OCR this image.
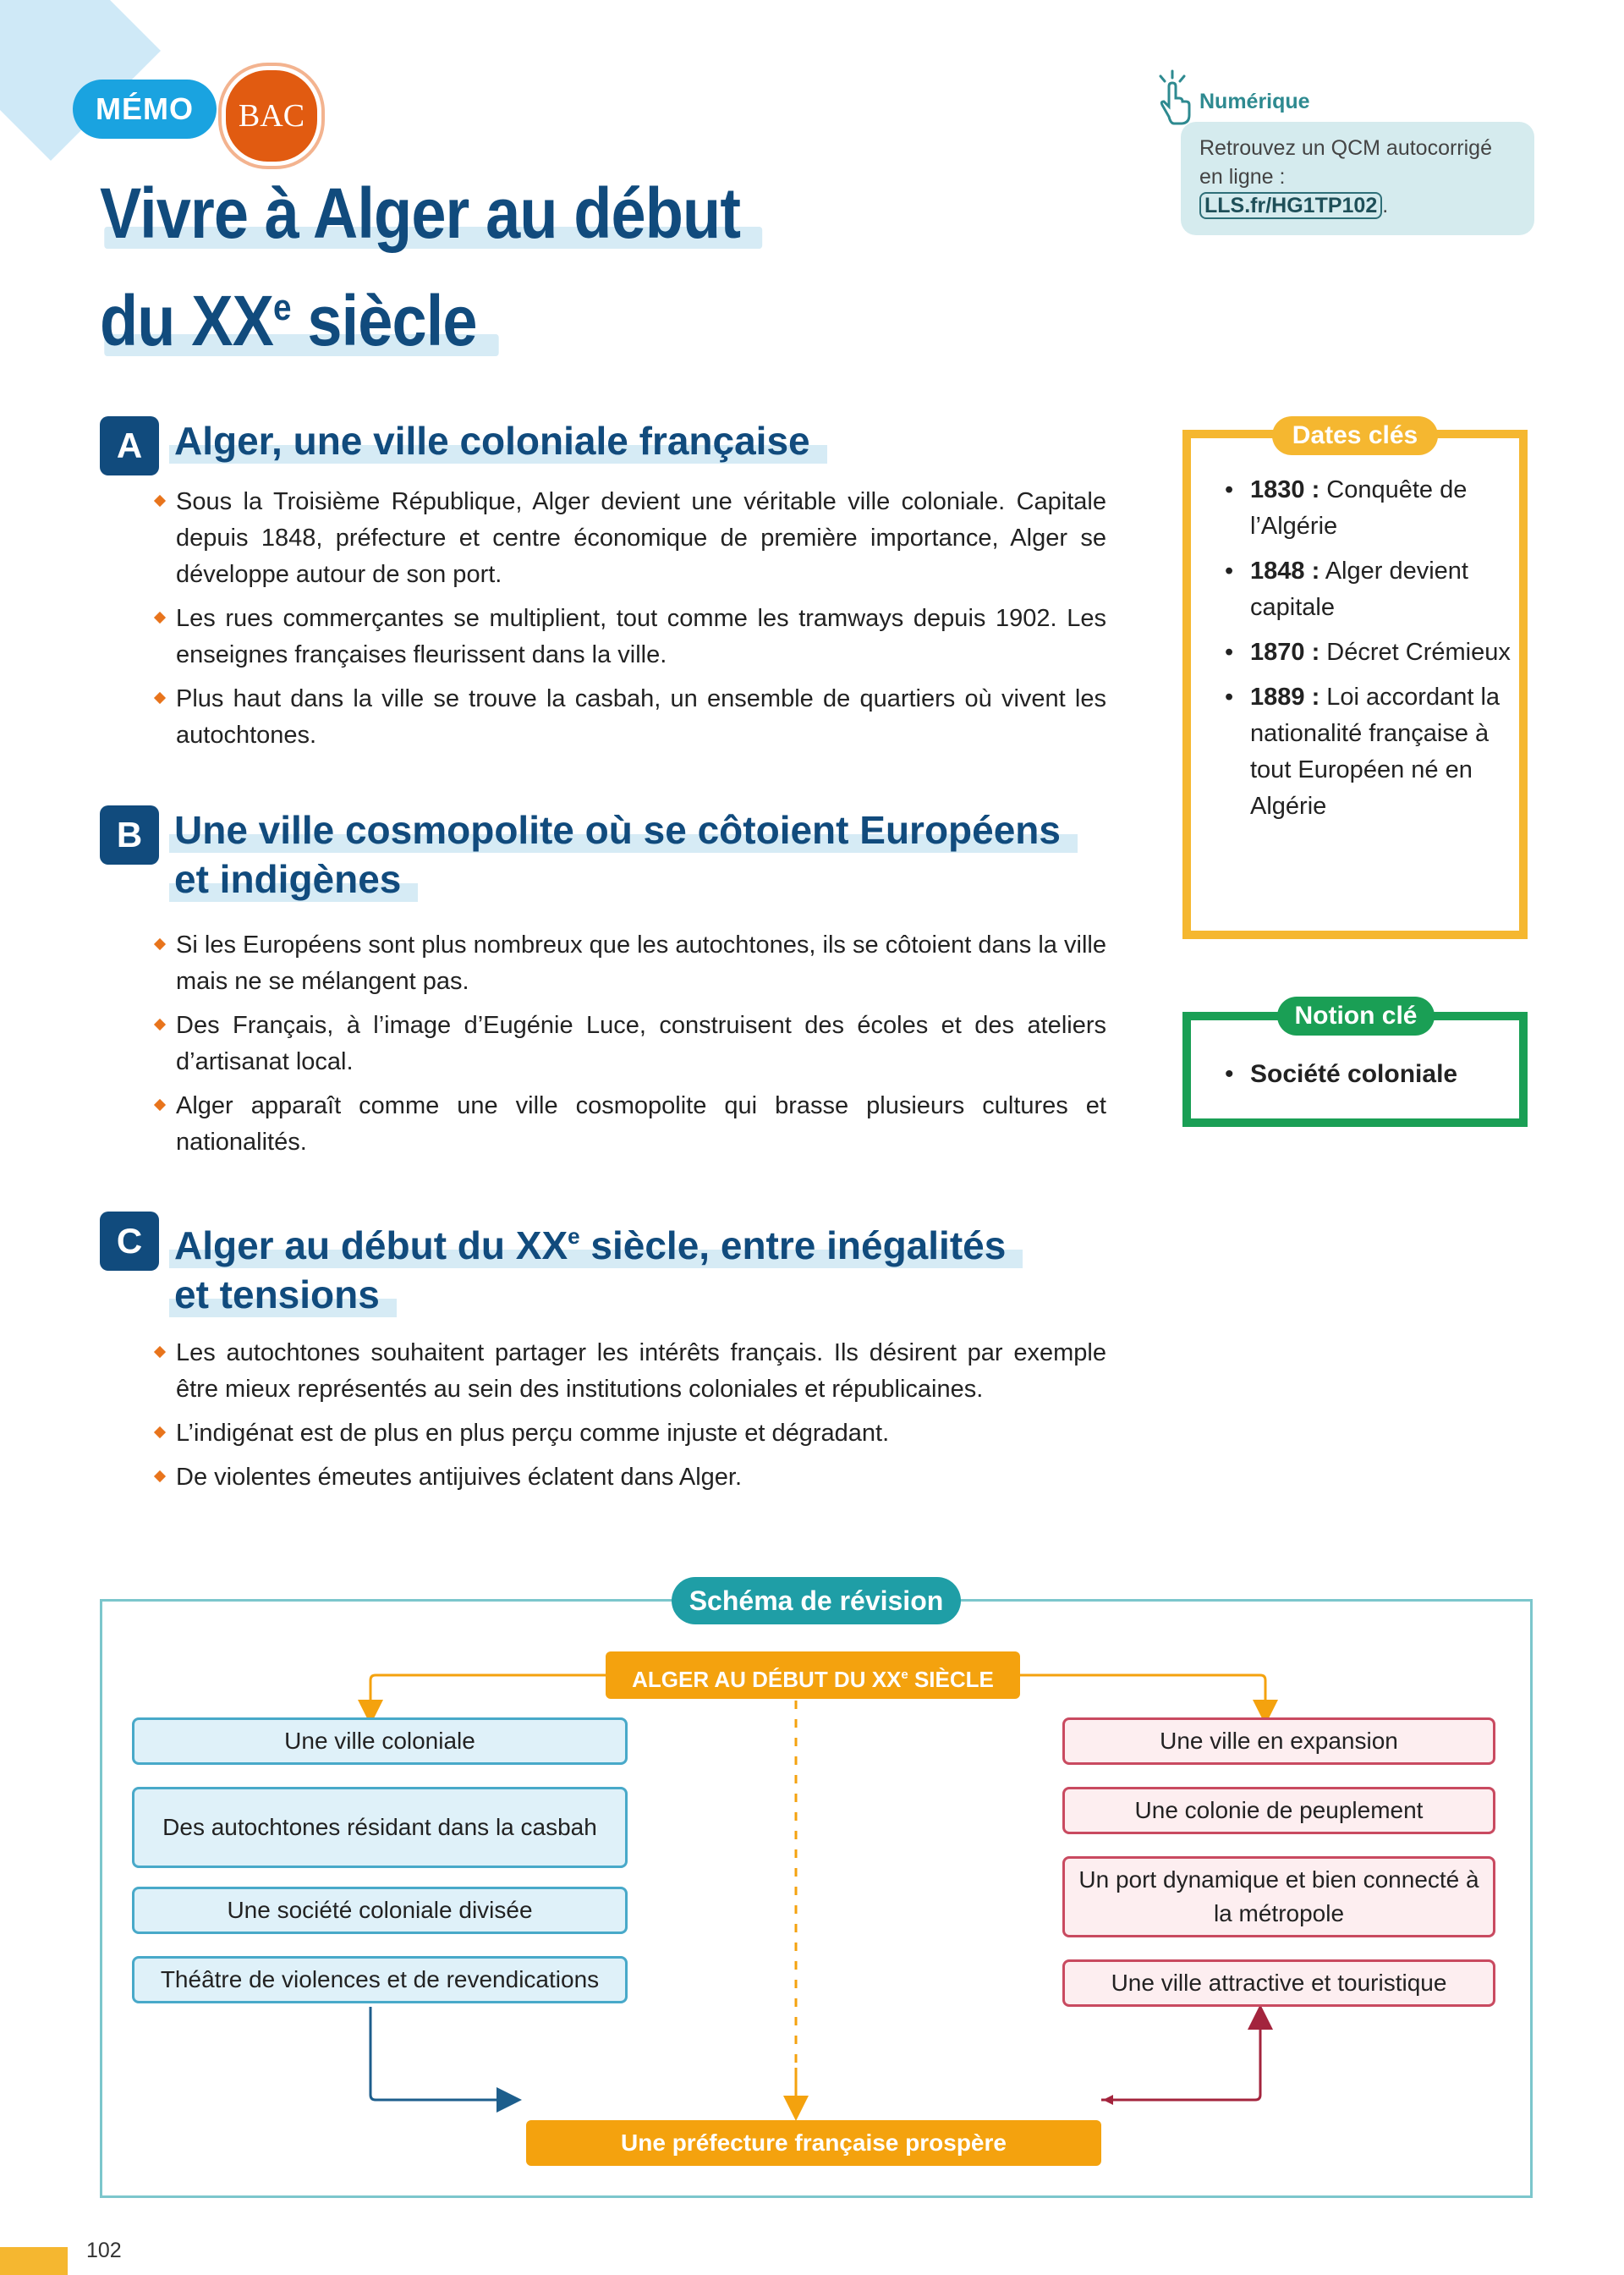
MÉMO	BAC
Vivre à Alger au début
du XXe siècle
Numérique
Retrouvez un QCM autocorrigé en ligne :
LLS.fr/HG1TP102 .
A Alger, une ville coloniale française
Sous la Troisième République, Alger devient une véritable ville coloniale. Capitale depuis 1848, préfecture et centre économique de première importance, Alger se développe autour de son port.
Les rues commerçantes se multiplient, tout comme les tramways depuis 1902. Les enseignes françaises fleurissent dans la ville.
Plus haut dans la ville se trouve la casbah, un ensemble de quartiers où vivent les autochtones.
B Une ville cosmopolite où se côtoient Européens

et indigènes
Si les Européens sont plus nombreux que les autochtones, ils se côtoient dans la ville mais ne se mélangent pas.
Des Français, à l’image d’Eugénie Luce, construisent des écoles et des ateliers d’artisanat local.
Alger apparaît comme une ville cosmopolite qui brasse plusieurs cultures et nationalités.
C Alger au début du XXe siècle, entre inégalités

et tensions
Les autochtones souhaitent partager les intérêts français. Ils désirent par exemple être mieux représentés au sein des institutions coloniales et républicaines.
L’indigénat est de plus en plus perçu comme injuste et dégradant.
De violentes émeutes antijuives éclatent dans Alger.
Dates clés
• 1830 : Conquête de l’Algérie
• 1848 : Alger devient capitale
• 1870 : Décret Crémieux
• 1889 : Loi accordant la nationalité française à tout Européen né en Algérie
Notion clé
• Société coloniale
Schéma de révision
ALGER AU DÉBUT DU XXe SIÈCLE
Une ville coloniale
Des autochtones résidant dans la casbah
Une société coloniale divisée
Théâtre de violences et de revendications
Une ville en expansion
Une colonie de peuplement
Un port dynamique et bien connecté à la métropole
Une ville attractive et touristique
Une préfecture française prospère
102
